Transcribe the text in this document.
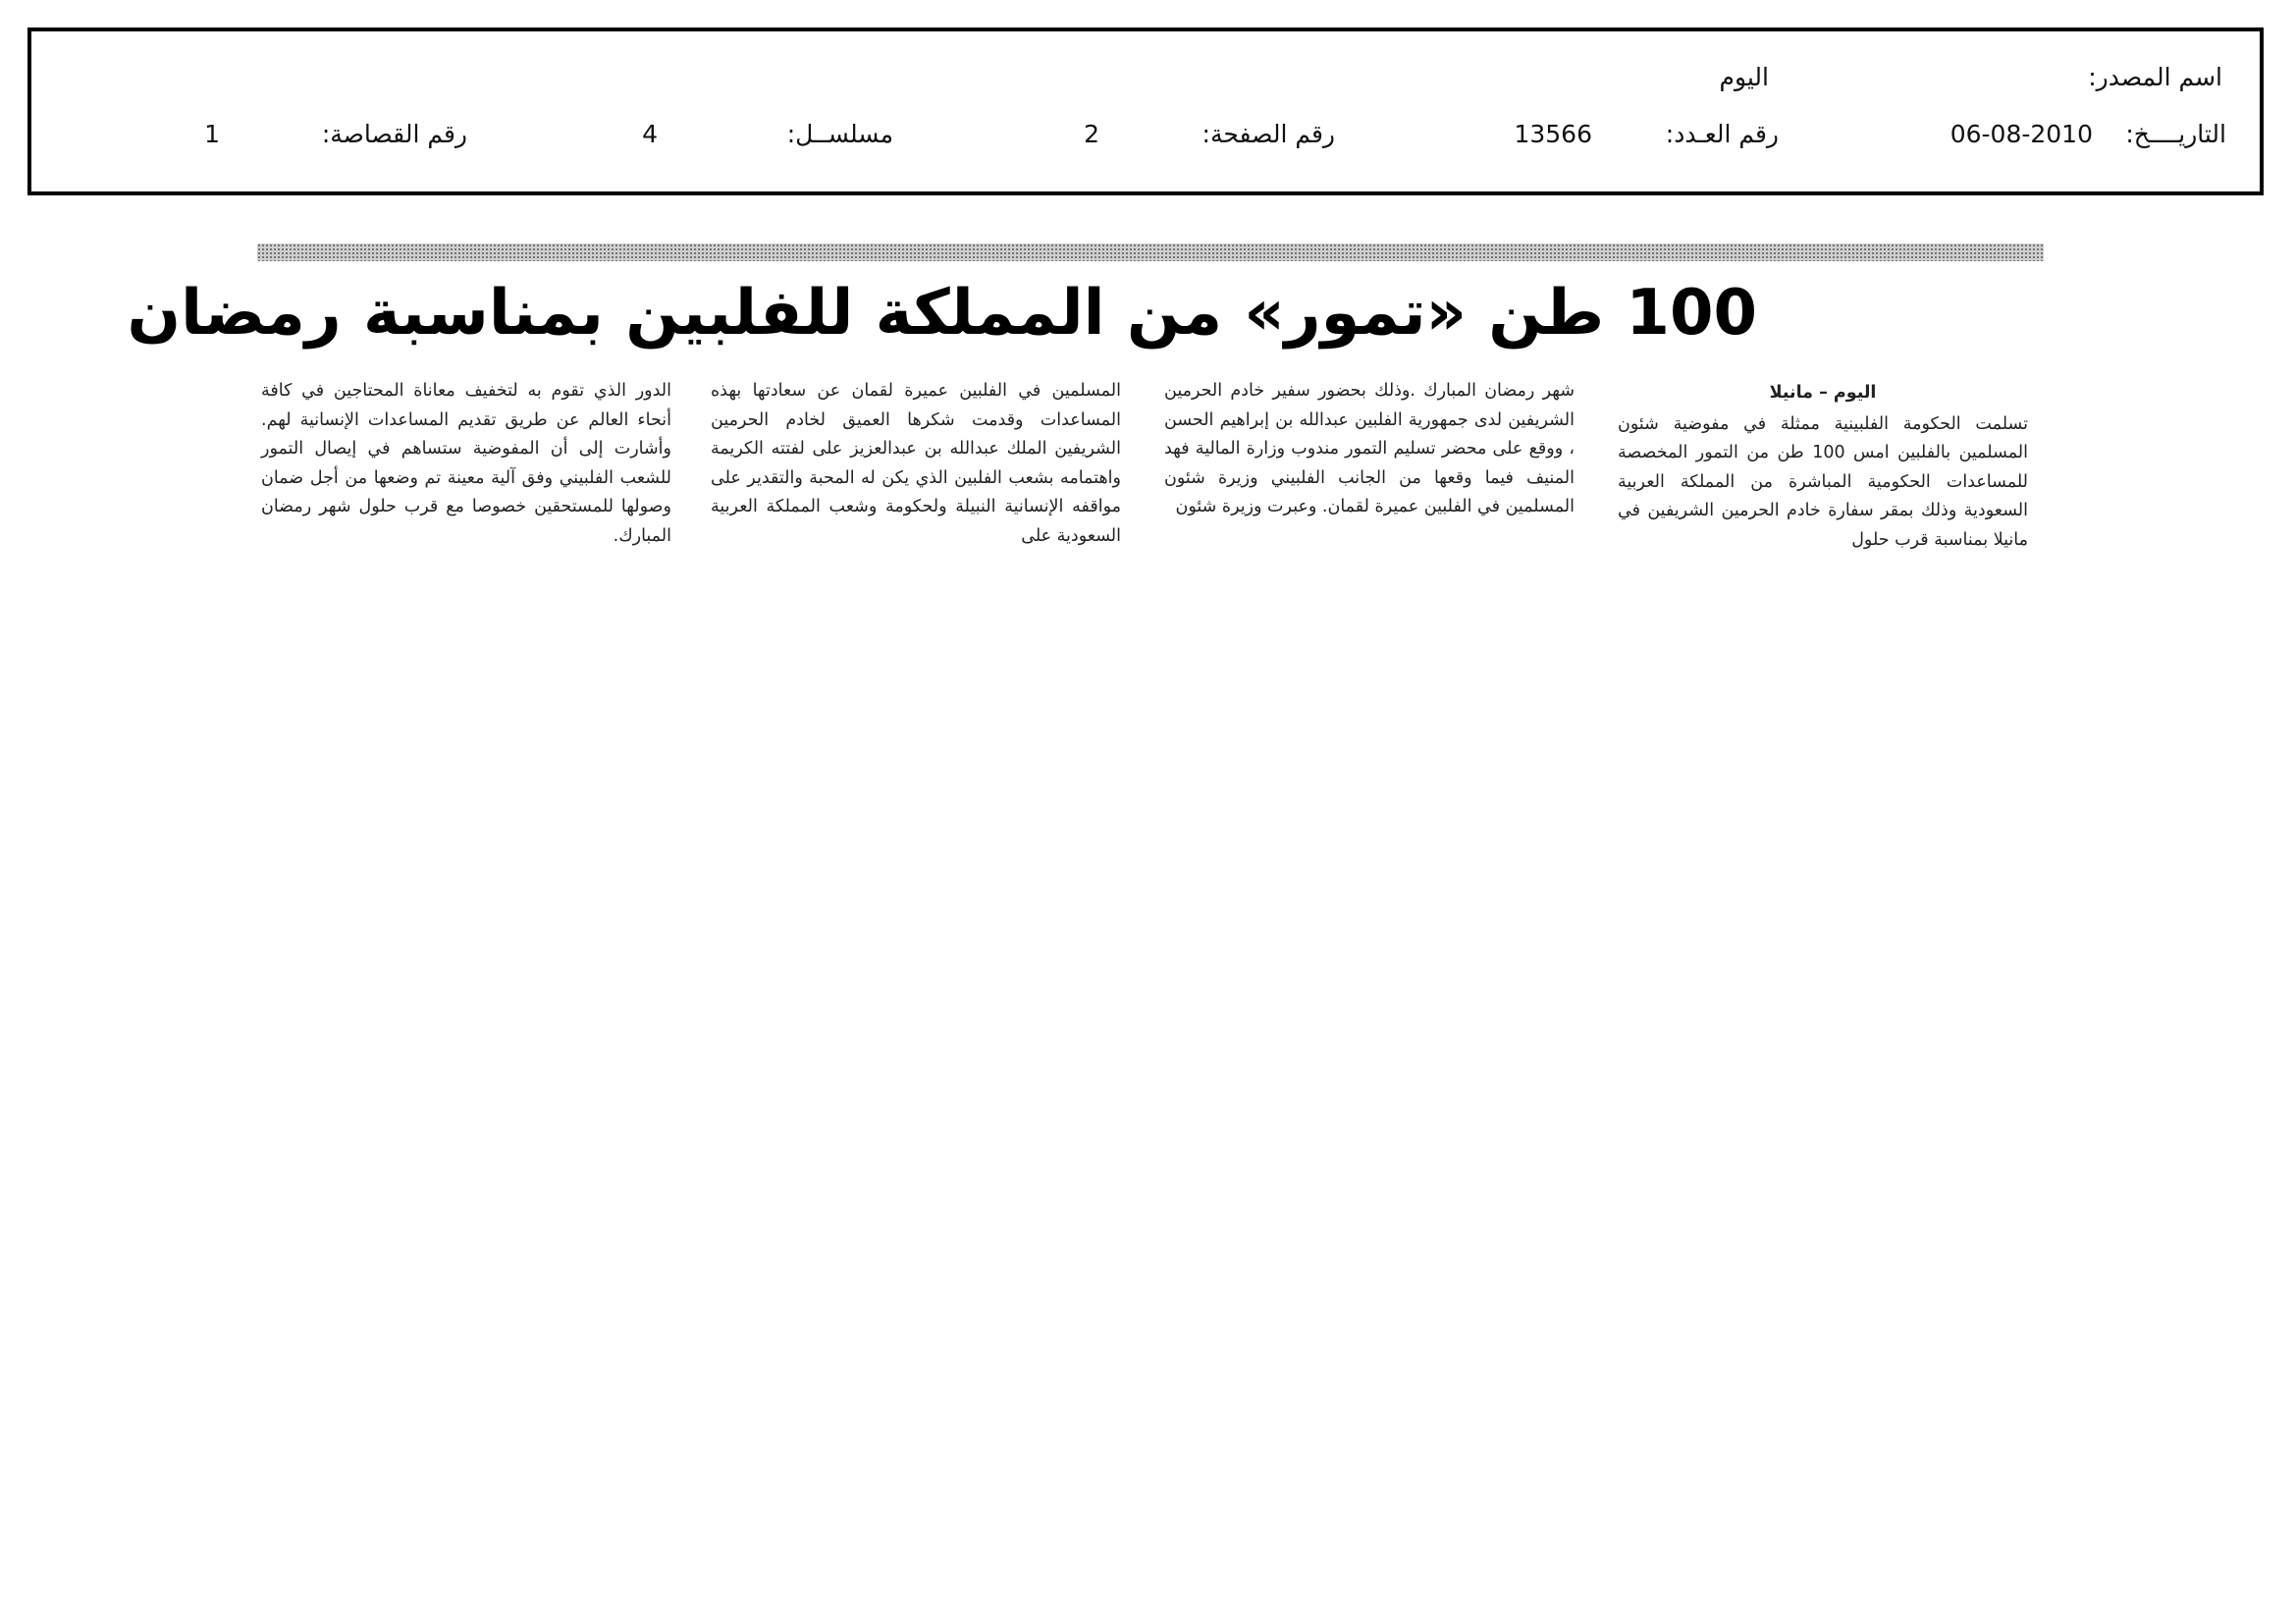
اسم المصدر:
اليوم
التاريــــخ:
06-08-2010
رقم العـدد:
13566
رقم الصفحة:
2
مسلســل:
4
رقم القصاصة:
1
100 طن «تمور» من المملكة للفلبين بمناسبة رمضان
اليوم – مانيلا

تسلمت الحكومة الفلبينية ممثلة في مفوضية شئون المسلمين بالفلبين امس 100 طن من التمور المخصصة للمساعدات الحكومية المباشرة من المملكة العربية السعودية وذلك بمقر سفارة خادم الحرمين الشريفين في مانيلا بمناسبة قرب حلول

شهر رمضان المبارك .وذلك بحضور سفير خادم الحرمين الشريفين لدى جمهورية الفلبين عبدالله بن إبراهيم الحسن ، ووقع على محضر تسليم التمور مندوب وزارة المالية فهد المنيف فيما وقعها من الجانب الفلبيني وزيرة شئون المسلمين في الفلبين عميرة لقمان. وعبرت وزيرة شئون

المسلمين في الفلبين عميرة لقمان عن سعادتها بهذه المساعدات وقدمت شكرها العميق لخادم الحرمين الشريفين الملك عبدالله بن عبدالعزيز على لفتته الكريمة واهتمامه بشعب الفلبين الذي يكن له المحبة والتقدير على مواقفه الإنسانية النبيلة ولحكومة وشعب المملكة العربية السعودية على

الدور الذي تقوم به لتخفيف معاناة المحتاجين في كافة أنحاء العالم عن طريق تقديم المساعدات الإنسانية لهم. وأشارت إلى أن المفوضية ستساهم في إيصال التمور للشعب الفلبيني وفق آلية معينة تم وضعها من أجل ضمان وصولها للمستحقين خصوصا مع قرب حلول شهر رمضان المبارك.
